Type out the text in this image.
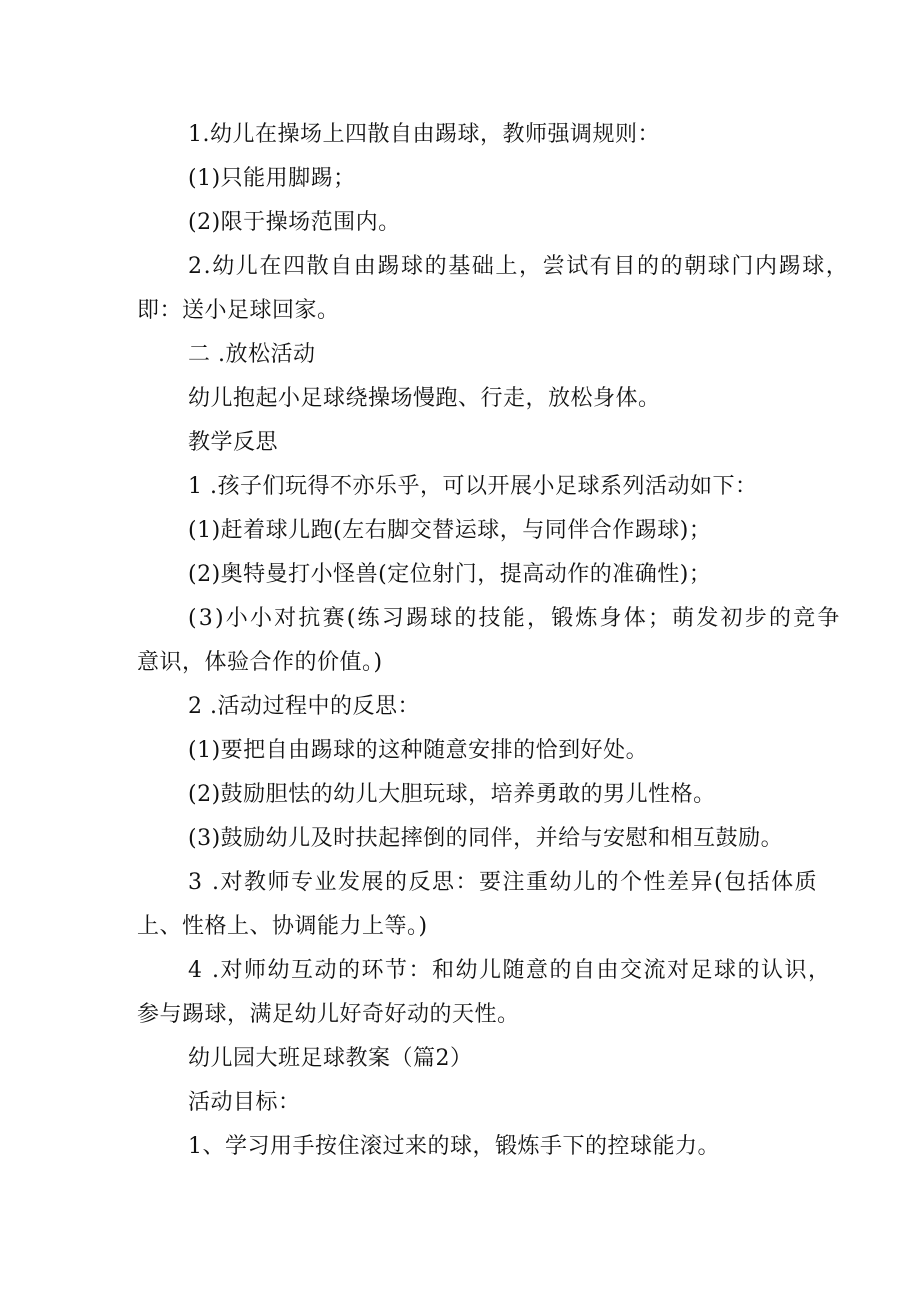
1.幼儿在操场上四散自由踢球，教师强调规则：
(1)只能用脚踢；
(2)限于操场范围内。
2.幼儿在四散自由踢球的基础上，尝试有目的的朝球门内踢球，
即：送小足球回家。
二 .放松活动
幼儿抱起小足球绕操场慢跑、行走，放松身体。
教学反思
1 .孩子们玩得不亦乐乎，可以开展小足球系列活动如下：
(1)赶着球儿跑(左右脚交替运球，与同伴合作踢球)；
(2)奥特曼打小怪兽(定位射门，提高动作的准确性)；
(3)小小对抗赛(练习踢球的技能，锻炼身体；萌发初步的竞争
意识，体验合作的价值。)
2 .活动过程中的反思：
(1)要把自由踢球的这种随意安排的恰到好处。
(2)鼓励胆怯的幼儿大胆玩球，培养勇敢的男儿性格。
(3)鼓励幼儿及时扶起摔倒的同伴，并给与安慰和相互鼓励。
3 .对教师专业发展的反思：要注重幼儿的个性差异(包括体质
上、性格上、协调能力上等。)
4 .对师幼互动的环节：和幼儿随意的自由交流对足球的认识，
参与踢球，满足幼儿好奇好动的天性。
幼儿园大班足球教案（篇2）
活动目标：
1、学习用手按住滚过来的球，锻炼手下的控球能力。
